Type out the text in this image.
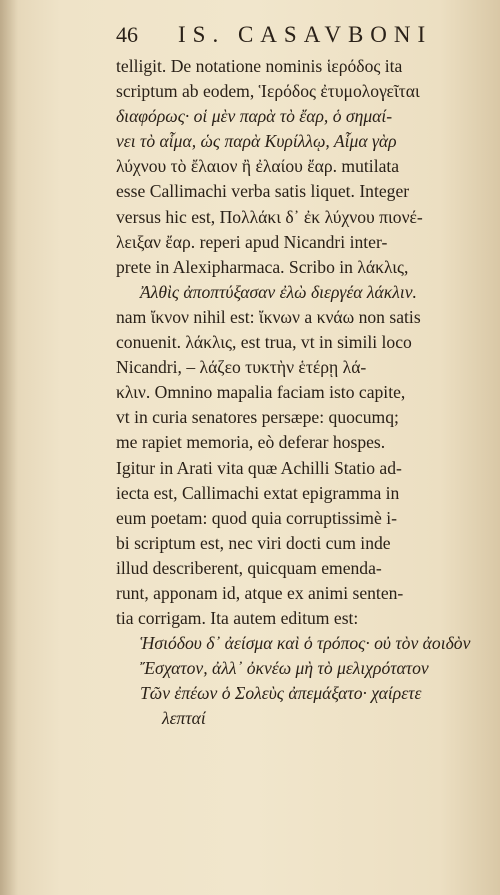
46 IS. CASAVBONI
telligit. De notatione nominis ἱερόδος ita
scriptum ab eodem, Ἱερόδος ἐτυμολογεῖται
διαφόρως· οἱ μὲν παρὰ τὸ ἔαρ, ὁ σημαί-
νει τὸ αἷμα, ὡς παρὰ Κυρίλλῳ, Αἷμα γὰρ
λύχνου τὸ ἔλαιον ἢ ἐλαίου ἔαρ. mutilata
esse Callimachi verba satis liquet. Integer
versus hic est, Πολλάκι δ᾽ ἐκ λύχνου πιονέ-
λειξαν ἔαρ. reperi apud Nicandri inter-
prete in Alexipharmaca. Scribo in λάκλις,
Ἀλθὶς ἀποπτύξασαν ἐλὼ διεργέα λάκλιν.
nam ἴκνον nihil est: ἴκνων a κνάω non satis
conuenit. λάκλις, est trua, vt in simili loco
Nicandri, – λάζεο τυκτὴν ἑτέρῃ λά-
κλιν. Omnino mapalia faciam isto capite,
vt in curia senatores persæpe: quocumq;
me rapiet memoria, eò deferar hospes.
Igitur in Arati vita quæ Achilli Statio ad-
iecta est, Callimachi extat epigramma in
eum poetam: quod quia corruptissimè i-
bi scriptum est, nec viri docti cum inde
illud describerent, quicquam emenda-
runt, apponam id, atque ex animi senten-
tia corrigam. Ita autem editum est:
Ἡσιόδου δ᾽ ἀείσμα καὶ ὁ τρόπος· οὐ τὸν ἀοιδὸν
Ἔσχατον, ἀλλ᾽ ὀκνέω μὴ τὸ μελιχρότατον
Τῶν ἐπέων ὁ Σολεὺς ἀπεμάξατο· χαίρετε
λεπταί
